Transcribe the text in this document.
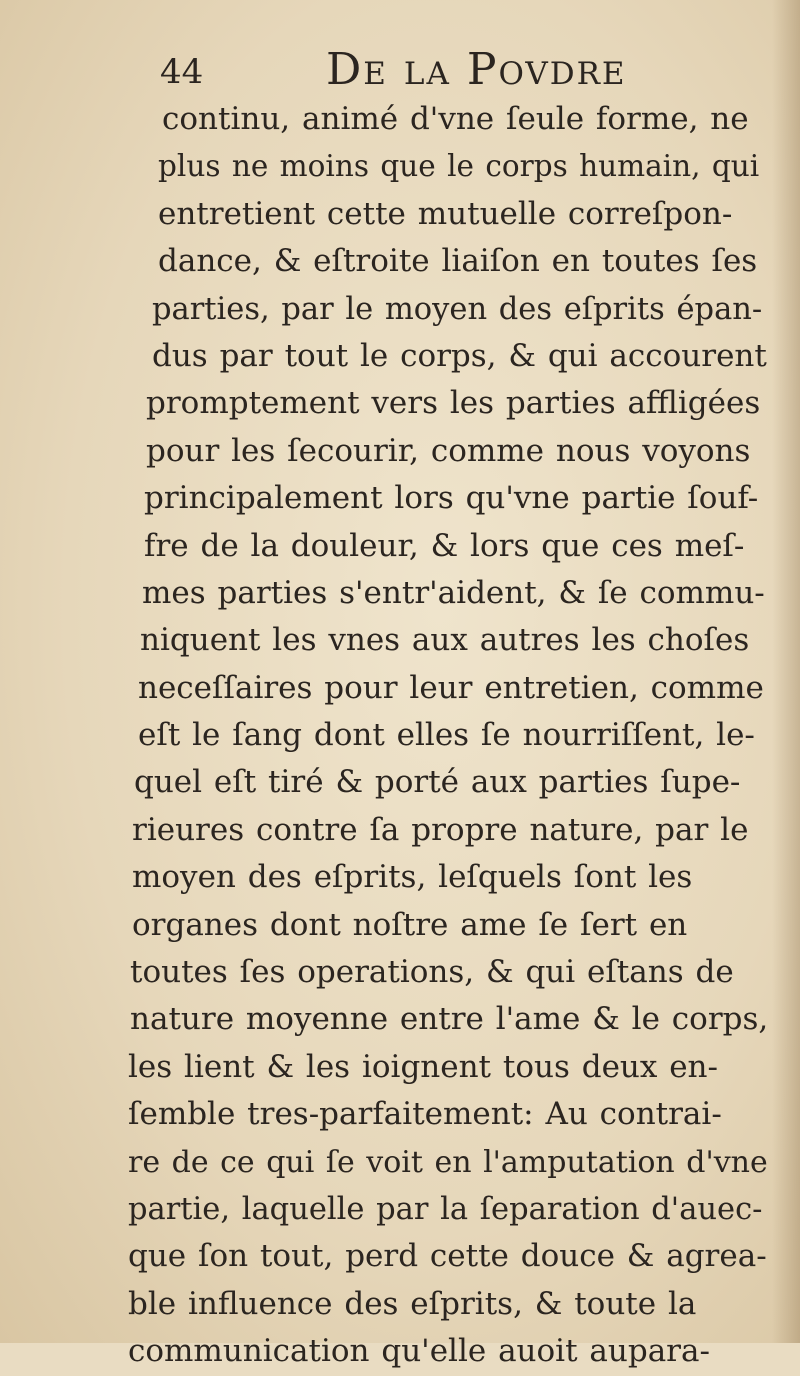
44	De la Povdre
continu, animé d'vne ſeule forme, ne
plus ne moins que le corps humain, qui
entretient cette mutuelle correſpon-
dance, & eſtroite liaiſon en toutes ſes
parties, par le moyen des eſprits épan-
dus par tout le corps, & qui accourent
promptement vers les parties affligées
pour les ſecourir, comme nous voyons
principalement lors qu'vne partie ſouf-
fre de la douleur, & lors que ces meſ-
mes parties s'entr'aident, & ſe commu-
niquent les vnes aux autres les choſes
neceſſaires pour leur entretien, comme
eſt le ſang dont elles ſe nourriſſent, le-
quel eſt tiré & porté aux parties ſupe-
rieures contre ſa propre nature, par le
moyen des eſprits, leſquels ſont les
organes dont noſtre ame ſe ſert en
toutes ſes operations, & qui eſtans de
nature moyenne entre l'ame & le corps,
les lient & les ioignent tous deux en-
ſemble tres-parfaitement: Au contrai-
re de ce qui ſe voit en l'amputation d'vne
partie, laquelle par la ſeparation d'auec-
que ſon tout, perd cette douce & agrea-
ble influence des eſprits, & toute la
communication qu'elle auoit aupara-
